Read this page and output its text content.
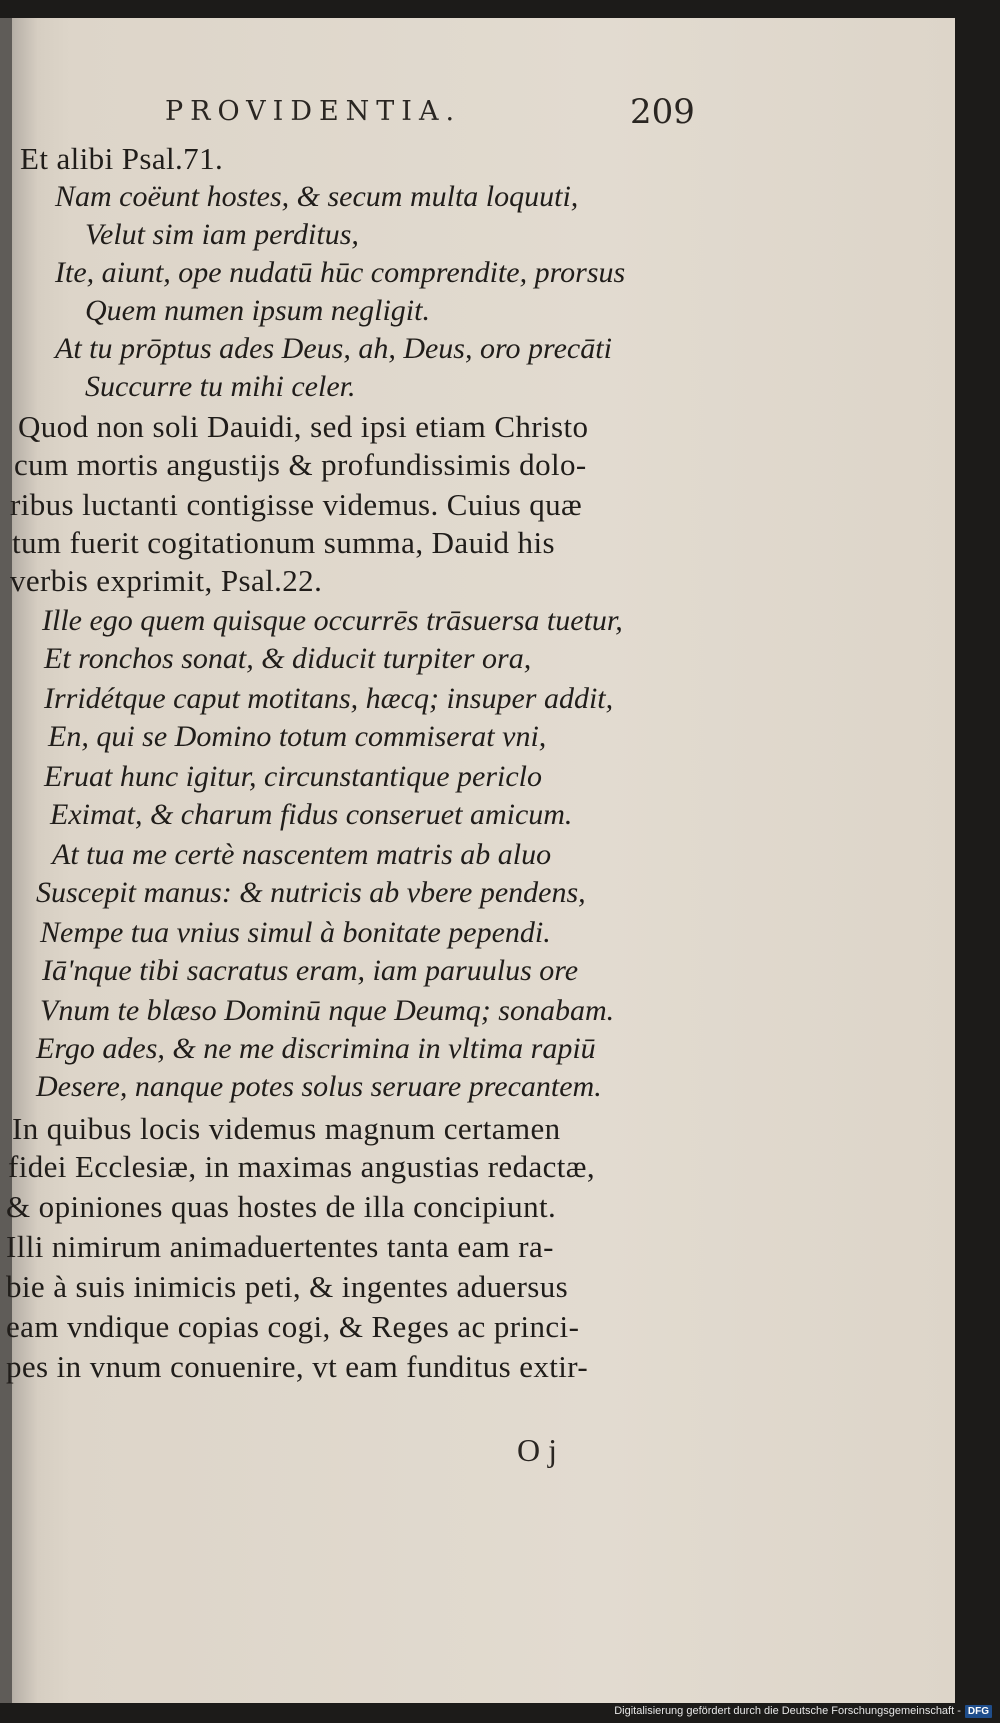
PROVIDENTIA.	209
Et alibi Psal.71.
Nam coëunt hostes, & secum multa loquuti,
Velut sim iam perditus,
Ite, aiunt, ope nudatū hūc comprendite, prorsus
Quem numen ipsum negligit.
At tu prōptus ades Deus, ah, Deus, oro precāti
Succurre tu mihi celer.
Quod non soli Dauidi, sed ipsi etiam Christo
cum mortis angustijs & profundissimis dolo-
ribus luctanti contigisse videmus. Cuius quæ
tum fuerit cogitationum summa, Dauid his
verbis exprimit, Psal.22.
Ille ego quem quisque occurrēs trāsuersa tuetur,
Et ronchos sonat, & diducit turpiter ora,
Irridétque caput motitans, hæcq; insuper addit,
En, qui se Domino totum commiserat vni,
Eruat hunc igitur, circunstantique periclo
Eximat, & charum fidus conseruet amicum.
At tua me certè nascentem matris ab aluo
Suscepit manus: & nutricis ab vbere pendens,
Nempe tua vnius simul à bonitate pependi.
Iā'nque tibi sacratus eram, iam paruulus ore
Vnum te blæso Dominū nque Deumq; sonabam.
Ergo ades, & ne me discrimina in vltima rapiū
Desere, nanque potes solus seruare precantem.
In quibus locis videmus magnum certamen
fidei Ecclesiæ, in maximas angustias redactæ,
& opiniones quas hostes de illa concipiunt.
Illi nimirum animaduertentes tanta eam ra-
bie à suis inimicis peti, & ingentes aduersus
eam vndique copias cogi, & Reges ac princi-
pes in vnum conuenire, vt eam funditus extir-
O j
Digitalisierung gefördert durch die Deutsche Forschungsgemeinschaft - DFG
